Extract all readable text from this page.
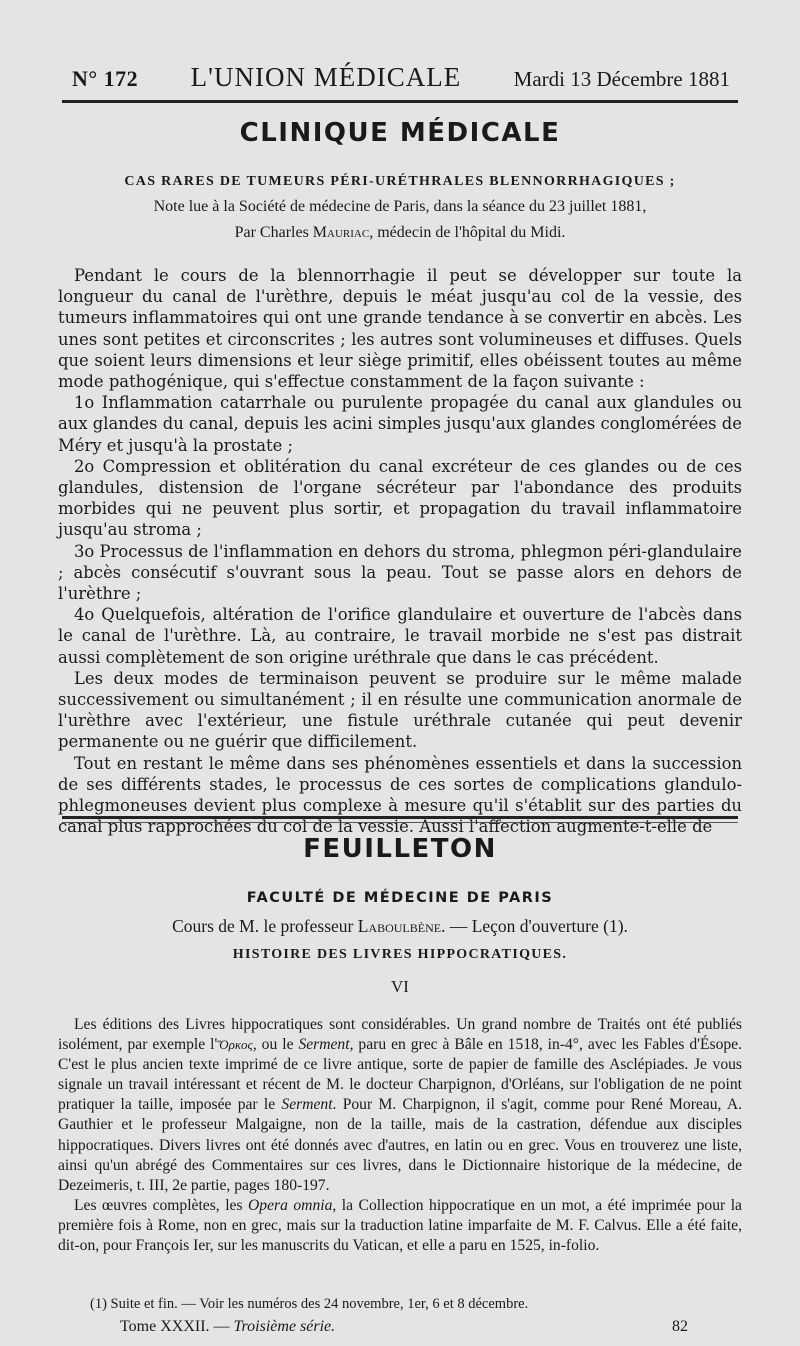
N° 172 L'UNION MÉDICALE Mardi 13 Décembre 1881
CLINIQUE MÉDICALE
CAS RARES DE TUMEURS PÉRI-URÉTHRALES BLENNORRHAGIQUES ;
Note lue à la Société de médecine de Paris, dans la séance du 23 juillet 1881,
Par Charles Mauriac, médecin de l'hôpital du Midi.

Pendant le cours de la blennorrhagie il peut se développer sur toute la longueur du canal de l'urèthre, depuis le méat jusqu'au col de la vessie, des tumeurs inflammatoires qui ont une grande tendance à se convertir en abcès. Les unes sont petites et circonscrites ; les autres sont volumineuses et diffuses. Quels que soient leurs dimensions et leur siège primitif, elles obéissent toutes au même mode pathogénique, qui s'effectue constamment de la façon suivante :

1o Inflammation catarrhale ou purulente propagée du canal aux glandules ou aux glandes du canal, depuis les acini simples jusqu'aux glandes conglomérées de Méry et jusqu'à la prostate ;

2o Compression et oblitération du canal excréteur de ces glandes ou de ces glandules, distension de l'organe sécréteur par l'abondance des produits morbides qui ne peuvent plus sortir, et propagation du travail inflammatoire jusqu'au stroma ;

3o Processus de l'inflammation en dehors du stroma, phlegmon péri-glandulaire ; abcès consécutif s'ouvrant sous la peau. Tout se passe alors en dehors de l'urèthre ;

4o Quelquefois, altération de l'orifice glandulaire et ouverture de l'abcès dans le canal de l'urèthre. Là, au contraire, le travail morbide ne s'est pas distrait aussi complètement de son origine uréthrale que dans le cas précédent.

Les deux modes de terminaison peuvent se produire sur le même malade successivement ou simultanément ; il en résulte une communication anormale de l'urèthre avec l'extérieur, une fistule uréthrale cutanée qui peut devenir permanente ou ne guérir que difficilement.

Tout en restant le même dans ses phénomènes essentiels et dans la succession de ses différents stades, le processus de ces sortes de complications glandulo-phlegmoneuses devient plus complexe à mesure qu'il s'établit sur des parties du canal plus rapprochées du col de la vessie. Aussi l'affection augmente-t-elle de

FEUILLETON
FACULTÉ DE MÉDECINE DE PARIS
Cours de M. le professeur Laboulbène. — Leçon d'ouverture (1).
HISTOIRE DES LIVRES HIPPOCRATIQUES.
VI

Les éditions des Livres hippocratiques sont considérables. Un grand nombre de Traités ont été publiés isolément, par exemple l'Ὅρκος, ou le Serment, paru en grec à Bâle en 1518, in-4°, avec les Fables d'Ésope. C'est le plus ancien texte imprimé de ce livre antique, sorte de papier de famille des Asclépiades. Je vous signale un travail intéressant et récent de M. le docteur Charpignon, d'Orléans, sur l'obligation de ne point pratiquer la taille, imposée par le Serment. Pour M. Charpignon, il s'agit, comme pour René Moreau, A. Gauthier et le professeur Malgaigne, non de la taille, mais de la castration, défendue aux disciples hippocratiques. Divers livres ont été donnés avec d'autres, en latin ou en grec. Vous en trouverez une liste, ainsi qu'un abrégé des Commentaires sur ces livres, dans le Dictionnaire historique de la médecine, de Dezeimeris, t. III, 2e partie, pages 180-197.

Les œuvres complètes, les Opera omnia, la Collection hippocratique en un mot, a été imprimée pour la première fois à Rome, non en grec, mais sur la traduction latine imparfaite de M. F. Calvus. Elle a été faite, dit-on, pour François Ier, sur les manuscrits du Vatican, et elle a paru en 1525, in-folio.

(1) Suite et fin. — Voir les numéros des 24 novembre, 1er, 6 et 8 décembre.
Tome XXXII. — Troisième série.	82
